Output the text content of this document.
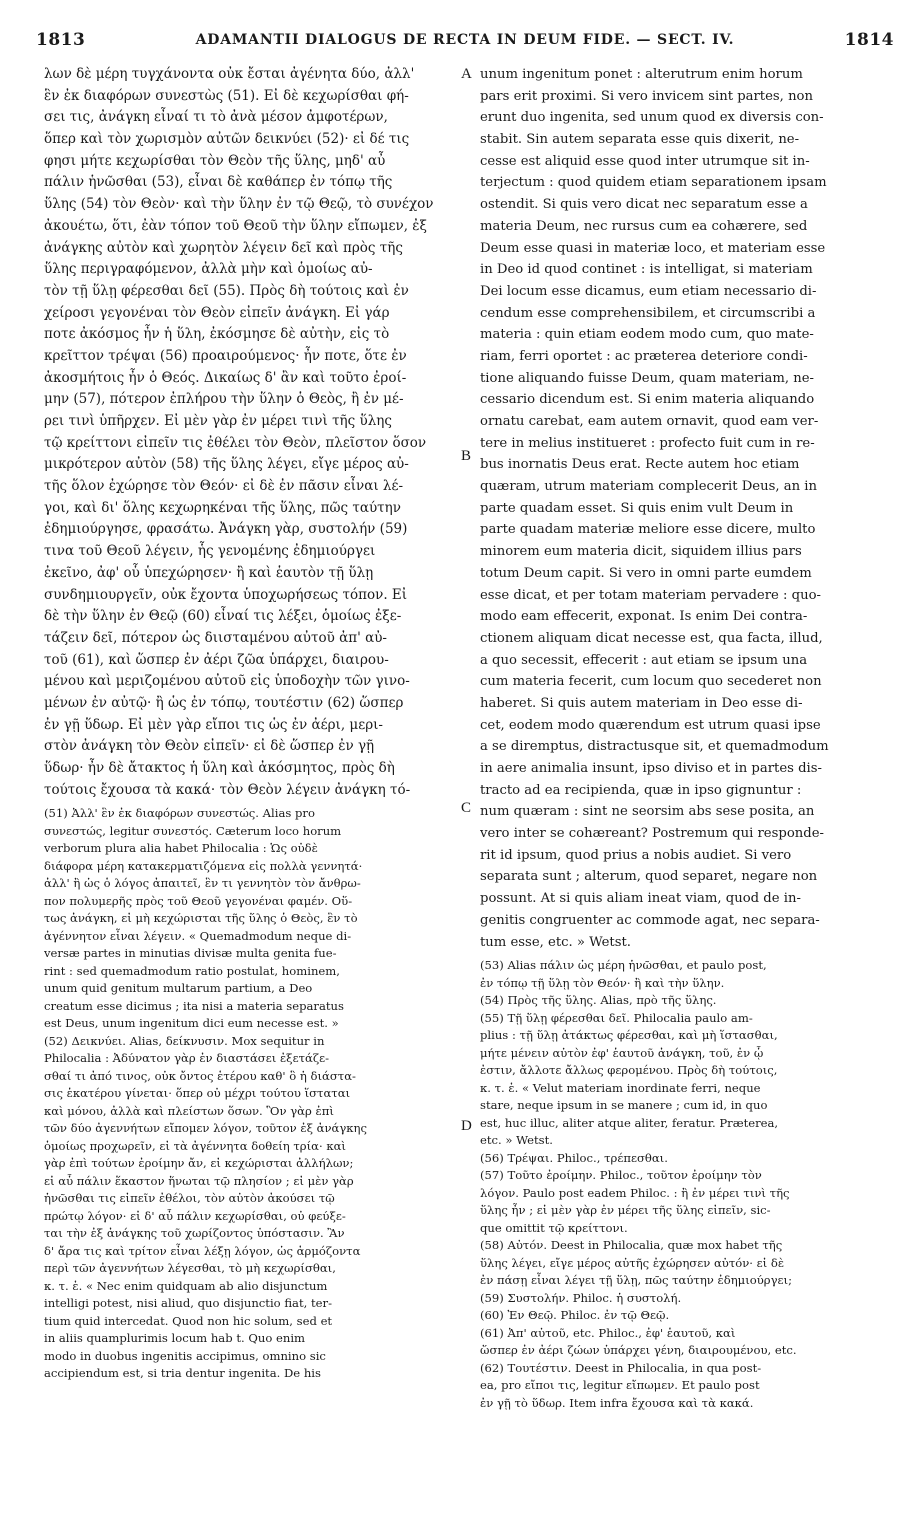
1813	ADAMANTII DIALOGUS DE RECTA IN DEUM FIDE. — SECT. IV.	1814
A
B
C
D
λων δὲ μέρη τυγχάνοντα οὐκ ἔσται ἀγένητα δύο, ἀλλ'
ἓν ἐκ διαφόρων συνεστὼς (51). Εἰ δὲ κεχωρίσθαι φή-
σει τις, ἀνάγκη εἶναί τι τὸ ἀνὰ μέσον ἀμφοτέρων,
ὅπερ καὶ τὸν χωρισμὸν αὐτῶν δεικνύει (52)· εἰ δέ τις
φησι μήτε κεχωρίσθαι τὸν Θεὸν τῆς ὕλης, μηδ' αὖ
πάλιν ἡνῶσθαι (53), εἶναι δὲ καθάπερ ἐν τόπῳ τῆς
ὕλης (54) τὸν Θεὸν· καὶ τὴν ὕλην ἐν τῷ Θεῷ, τὸ συνέχον
ἀκουέτω, ὅτι, ἐὰν τόπον τοῦ Θεοῦ τὴν ὕλην εἴπωμεν, ἐξ
ἀνάγκης αὐτὸν καὶ χωρητὸν λέγειν δεῖ καὶ πρὸς τῆς
ὕλης περιγραφόμενον, ἀλλὰ μὴν καὶ ὁμοίως αὐ-
τὸν τῇ ὕλῃ φέρεσθαι δεῖ (55). Πρὸς δὴ τούτοις καὶ ἐν
χείροσι γεγονέναι τὸν Θεὸν εἰπεῖν ἀνάγκη. Εἰ γάρ
ποτε ἀκόσμος ἦν ἡ ὕλη, ἐκόσμησε δὲ αὐτὴν, εἰς τὸ
κρεῖττον τρέψαι (56) προαιρούμενος· ἦν ποτε, ὅτε ἐν
ἀκοσμήτοις ἦν ὁ Θεός. Δικαίως δ' ἂν καὶ τοῦτο ἐροί-
μην (57), πότερον ἐπλήρου τὴν ὕλην ὁ Θεὸς, ἢ ἐν μέ-
ρει τινὶ ὑπῆρχεν. Εἰ μὲν γὰρ ἐν μέρει τινὶ τῆς ὕλης
τῷ κρείττονι εἰπεῖν τις ἐθέλει τὸν Θεὸν, πλεῖστον ὅσον
μικρότερον αὐτὸν (58) τῆς ὕλης λέγει, εἴγε μέρος αὐ-
τῆς ὅλον ἐχώρησε τὸν Θεόν· εἰ δὲ ἐν πᾶσιν εἶναι λέ-
γοι, καὶ δι' ὅλης κεχωρηκέναι τῆς ὕλης, πῶς ταύτην
ἐδημιούργησε, φρασάτω. Ἀνάγκη γὰρ, συστολήν (59)
τινα τοῦ Θεοῦ λέγειν, ἧς γενομένης ἐδημιούργει
ἐκεῖνο, ἀφ' οὗ ὑπεχώρησεν· ἢ καὶ ἑαυτὸν τῇ ὕλῃ
συνδημιουργεῖν, οὐκ ἔχοντα ὑποχωρήσεως τόπον. Εἰ
δὲ τὴν ὕλην ἐν Θεῷ (60) εἶναί τις λέξει, ὁμοίως ἐξε-
τάζειν δεῖ, πότερον ὡς διισταμένου αὐτοῦ ἀπ' αὐ-
τοῦ (61), καὶ ὥσπερ ἐν ἀέρι ζῶα ὑπάρχει, διαιρου-
μένου καὶ μεριζομένου αὐτοῦ εἰς ὑποδοχὴν τῶν γινο-
μένων ἐν αὐτῷ· ἢ ὡς ἐν τόπῳ, τουτέστιν (62) ὥσπερ
ἐν γῇ ὕδωρ. Εἰ μὲν γὰρ εἴποι τις ὡς ἐν ἀέρι, μερι-
στὸν ἀνάγκη τὸν Θεὸν εἰπεῖν· εἰ δὲ ὥσπερ ἐν γῇ
ὕδωρ· ἦν δὲ ἄτακτος ἡ ὕλη καὶ ἀκόσμητος, πρὸς δὴ
τούτοις ἔχουσα τὰ κακά· τὸν Θεὸν λέγειν ἀνάγκη τό-
(51) Ἀλλ' ἓν ἐκ διαφόρων συνεστώς. Alias pro
συνεστώς, legitur συνεστός. Cæterum loco horum
verborum plura alia habet Philocalia : Ὡς οὐδὲ
διάφορα μέρη κατακερματιζόμενα εἰς πολλὰ γεννητά·
ἀλλ' ἢ ὡς ὁ λόγος ἀπαιτεῖ, ἓν τι γεννητὸν τὸν ἄνθρω-
πον πολυμερῆς πρὸς τοῦ Θεοῦ γεγονέναι φαμέν. Οὕ-
τως ἀνάγκη, εἰ μὴ κεχώρισται τῆς ὕλης ὁ Θεὸς, ἓν τὸ
ἀγέννητον εἶναι λέγειν. « Quemadmodum neque di-
versæ partes in minutias divisæ multa genita fue-
rint : sed quemadmodum ratio postulat, hominem,
unum quid genitum multarum partium, a Deo
creatum esse dicimus ; ita nisi a materia separatus
est Deus, unum ingenitum dici eum necesse est. »
(52) Δεικνύει. Alias, δείκνυσιν. Mox sequitur in
Philocalia : Ἀδύνατον γὰρ ἐν διαστάσει ἐξετάζε-
σθαί τι ἀπό τινος, οὐκ ὄντος ἑτέρου καθ' ὃ ἡ διάστα-
σις ἑκατέρου γίνεται· ὅπερ οὐ μέχρι τούτου ἵσταται
καὶ μόνου, ἀλλὰ καὶ πλείστων ὅσων. Ὃν γὰρ ἐπὶ
τῶν δύο ἀγεννήτων εἴπομεν λόγον, τοῦτον ἐξ ἀνάγκης
ὁμοίως προχωρεῖν, εἰ τὰ ἀγέννητα δοθείη τρία· καὶ
γὰρ ἐπὶ τούτων ἐροίμην ἄν, εἰ κεχώρισται ἀλλήλων;
εἰ αὖ πάλιν ἕκαστον ἥνωται τῷ πλησίον ; εἰ μὲν γὰρ
ἡνῶσθαι τις εἰπεῖν ἐθέλοι, τὸν αὐτὸν ἀκούσει τῷ
πρώτῳ λόγον· εἰ δ' αὖ πάλιν κεχωρίσθαι, οὐ φεύξε-
ται τὴν ἐξ ἀνάγκης τοῦ χωρίζοντος ὑπόστασιν. Ἂν
δ' ἄρα τις καὶ τρίτον εἶναι λέξῃ λόγον, ὡς ἁρμόζοντα
περὶ τῶν ἀγεννήτων λέγεσθαι, τὸ μὴ κεχωρίσθαι,
κ. τ. ἑ. « Nec enim quidquam ab alio disjunctum
intelligi potest, nisi aliud, quo disjunctio fiat, ter-
tium quid intercedat. Quod non hic solum, sed et
in aliis quamplurimis locum hab t. Quo enim
modo in duobus ingenitis accipimus, omnino sic
accipiendum est, si tria dentur ingenita. De his
unum ingenitum ponet : alterutrum enim horum
pars erit proximi. Si vero invicem sint partes, non
erunt duo ingenita, sed unum quod ex diversis con-
stabit. Sin autem separata esse quis dixerit, ne-
cesse est aliquid esse quod inter utrumque sit in-
terjectum : quod quidem etiam separationem ipsam
ostendit. Si quis vero dicat nec separatum esse a
materia Deum, nec rursus cum ea cohærere, sed
Deum esse quasi in materiæ loco, et materiam esse
in Deo id quod continet : is intelligat, si materiam
Dei locum esse dicamus, eum etiam necessario di-
cendum esse comprehensibilem, et circumscribi a
materia : quin etiam eodem modo cum, quo mate-
riam, ferri oportet : ac præterea deteriore condi-
tione aliquando fuisse Deum, quam materiam, ne-
cessario dicendum est. Si enim materia aliquando
ornatu carebat, eam autem ornavit, quod eam ver-
tere in melius institueret : profecto fuit cum in re-
bus inornatis Deus erat. Recte autem hoc etiam
quæram, utrum materiam complecerit Deus, an in
parte quadam esset. Si quis enim vult Deum in
parte quadam materiæ meliore esse dicere, multo
minorem eum materia dicit, siquidem illius pars
totum Deum capit. Si vero in omni parte eumdem
esse dicat, et per totam materiam pervadere : quo-
modo eam effecerit, exponat. Is enim Dei contra-
ctionem aliquam dicat necesse est, qua facta, illud,
a quo secessit, effecerit : aut etiam se ipsum una
cum materia fecerit, cum locum quo secederet non
haberet. Si quis autem materiam in Deo esse di-
cet, eodem modo quærendum est utrum quasi ipse
a se diremptus, distractusque sit, et quemadmodum
in aere animalia insunt, ipso diviso et in partes dis-
tracto ad ea recipienda, quæ in ipso gignuntur :
num quæram : sint ne seorsim abs sese posita, an
vero inter se cohæreant? Postremum qui responde-
rit id ipsum, quod prius a nobis audiet. Si vero
separata sunt ; alterum, quod separet, negare non
possunt. At si quis aliam ineat viam, quod de in-
genitis congruenter ac commode agat, nec separa-
tum esse, etc. » Wetst.
(53) Alias πάλιν ὡς μέρη ἡνῶσθαι, et paulo post,
ἐν τόπῳ τῇ ὕλῃ τὸν Θεόν· ἢ καὶ τὴν ὕλην.
(54) Πρὸς τῆς ὕλης. Alias, πρὸ τῆς ὕλης.
(55) Τῇ ὕλῃ φέρεσθαι δεῖ. Philocalia paulo am-
plius : τῇ ὕλῃ ἀτάκτως φέρεσθαι, καὶ μὴ ἵστασθαι,
μήτε μένειν αὐτὸν ἐφ' ἑαυτοῦ ἀνάγκη, τοῦ, ἐν ᾧ
ἐστιν, ἄλλοτε ἄλλως φερομένου. Πρὸς δὴ τούτοις,
κ. τ. ἑ. « Velut materiam inordinate ferri, neque
stare, neque ipsum in se manere ; cum id, in quo
est, huc illuc, aliter atque aliter, feratur. Præterea,
etc. » Wetst.
(56) Τρέψαι. Philoc., τρέπεσθαι.
(57) Τοῦτο ἐροίμην. Philoc., τοῦτον ἐροίμην τὸν
λόγον. Paulo post eadem Philoc. : ἢ ἐν μέρει τινὶ τῆς
ὕλης ἦν ; εἰ μὲν γὰρ ἐν μέρει τῆς ὕλης εἰπεῖν, sic-
que omittit τῷ κρείττονι.
(58) Αὐτόν. Deest in Philocalia, quæ mox habet τῆς
ὕλης λέγει, εἴγε μέρος αὐτῆς ἐχώρησεν αὐτόν· εἰ δὲ
ἐν πάσῃ εἶναι λέγει τῇ ὕλῃ, πῶς ταύτην ἐδημιούργει;
(59) Συστολήν. Philoc. ἡ συστολή.
(60) Ἐν Θεῷ. Philoc. ἐν τῷ Θεῷ.
(61) Ἀπ' αὐτοῦ, etc. Philoc., ἐφ' ἑαυτοῦ, καὶ
ὥσπερ ἐν ἀέρι ζώων ὑπάρχει γένη, διαιρουμένου, etc.
(62) Τουτέστιν. Deest in Philocalia, in qua post-
ea, pro εἴποι τις, legitur εἴπωμεν. Et paulo post
ἐν γῇ τὸ ὕδωρ. Item infra ἔχουσα καὶ τὰ κακά.
